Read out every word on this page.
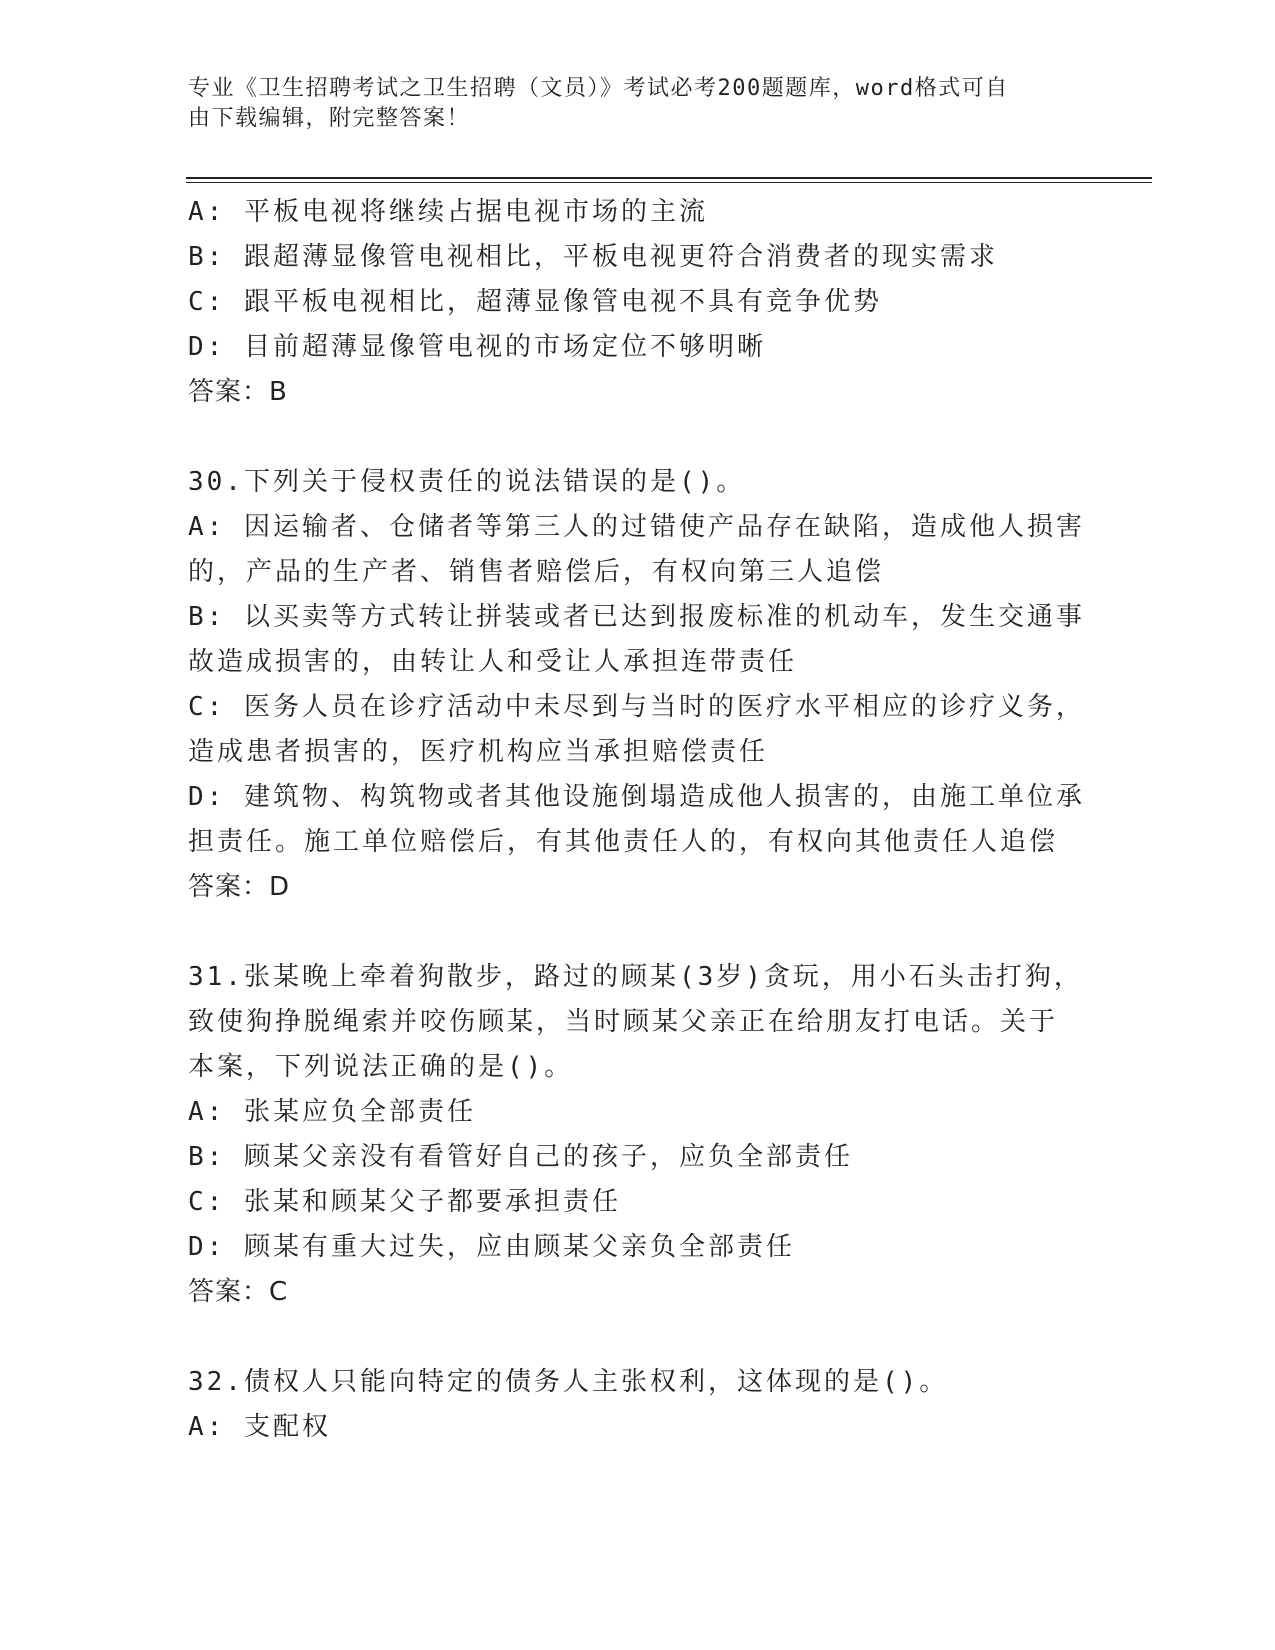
专业《卫生招聘考试之卫生招聘（文员）》考试必考200题题库，word格式可自
由下载编辑，附完整答案！
A: 平板电视将继续占据电视市场的主流
B: 跟超薄显像管电视相比，平板电视更符合消费者的现实需求
C: 跟平板电视相比，超薄显像管电视不具有竞争优势
D: 目前超薄显像管电视的市场定位不够明晰
答案：B
30.下列关于侵权责任的说法错误的是()。
A: 因运输者、仓储者等第三人的过错使产品存在缺陷，造成他人损害
的，产品的生产者、销售者赔偿后，有权向第三人追偿
B: 以买卖等方式转让拼装或者已达到报废标准的机动车，发生交通事
故造成损害的，由转让人和受让人承担连带责任
C: 医务人员在诊疗活动中未尽到与当时的医疗水平相应的诊疗义务，
造成患者损害的，医疗机构应当承担赔偿责任
D: 建筑物、构筑物或者其他设施倒塌造成他人损害的，由施工单位承
担责任。施工单位赔偿后，有其他责任人的，有权向其他责任人追偿
答案：D
31.张某晚上牵着狗散步，路过的顾某(3岁)贪玩，用小石头击打狗，
致使狗挣脱绳索并咬伤顾某，当时顾某父亲正在给朋友打电话。关于
本案，下列说法正确的是()。
A: 张某应负全部责任
B: 顾某父亲没有看管好自己的孩子，应负全部责任
C: 张某和顾某父子都要承担责任
D: 顾某有重大过失，应由顾某父亲负全部责任
答案：C
32.债权人只能向特定的债务人主张权利，这体现的是()。
A: 支配权
